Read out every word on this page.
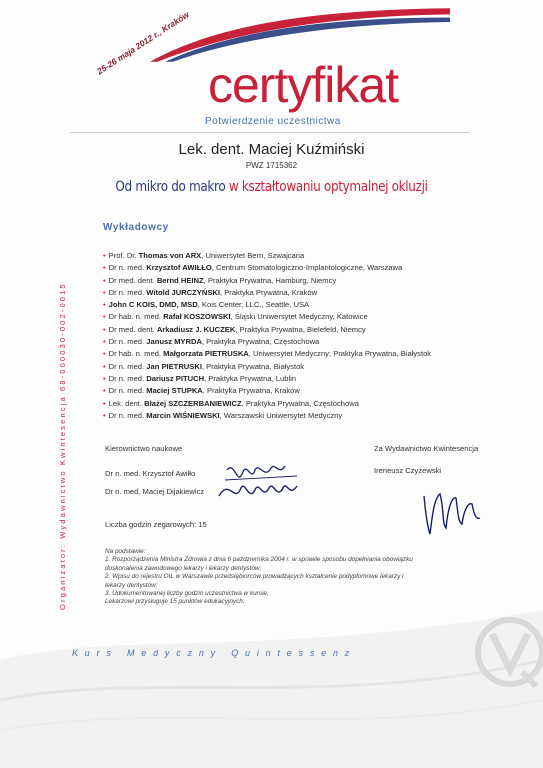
25-26 maja 2012 r., Kraków
certyfikat
Potwierdzenie uczestnictwa
Lek. dent. Maciej Kuźmiński
PWZ 1715362
Od mikro do makro w kształtowaniu optymalnej okluzji
Wykładowcy
• Prof. Dr. Thomas von ARX, Uniwersytet Bern, Szwajcaria
• Dr n. med. Krzysztof AWIŁŁO, Centrum Stomatologiczno-Implantologiczne, Warszawa
• Dr med. dent. Bernd HEINZ, Praktyka Prywatna, Hamburg, Niemcy
• Dr n. med. Witold JURCZYŃSKI, Praktyka Prywatna, Kraków
• John C KOIS, DMD, MSD, Kois Center, LLC., Seattle, USA
• Dr hab. n. med. Rafał KOSZOWSKI, Śląski Uniwersytet Medyczny, Katowice
• Dr med. dent. Arkadiusz J. KUCZEK, Praktyka Prywatna, Bielefeld, Niemcy
• Dr n. med. Janusz MYRDA, Praktyka Prywatna, Częstochowa
• Dr hab. n. med. Małgorzata PIETRUSKA, Uniwersytet Medyczny; Praktyka Prywatna, Białystok
• Dr n. med. Jan PIETRUSKI, Praktyka Prywatna, Białystok
• Dr n. med. Dariusz PITUCH, Praktyka Prywatna, Lublin
• Dr n. med. Maciej STUPKA, Praktyka Prywatna, Kraków
• Lek. dent. Błażej SZCZERBANIEWICZ, Praktyka Prywatna, Częstochowa
• Dr n. med. Marcin WIŚNIEWSKI, Warszawski Uniwersytet Medyczny
Kierownictwo naukowe	Za Wydawnictwo Kwintesencja
Dr n. med. Krzysztof Awiłło
Dr n. med. Maciej Dijakiewicz
Ireneusz Czyżewski
Liczba godzin zegarowych: 15
Na podstawie:
1. Rozporządzenia Ministra Zdrowia z dnia 6 października 2004 r. w sprawie sposobu dopełniania obowiązku doskonalenia zawodowego lekarzy i lekarzy dentystów;
2. Wpisu do rejestru OIL w Warszawie przedsiębiorców prowadzących kształcenie podyplomowe lekarzy i lekarzy dentystów;
3. Udokumentowanej liczby godzin uczestnictwa w kursie,
Lekarzowi przysługuje 15 punktów edukacyjnych.
Organizator: Wydawnictwo Kwintesencja 68-000030-002-0015
Kurs Medyczny Quintessenz
